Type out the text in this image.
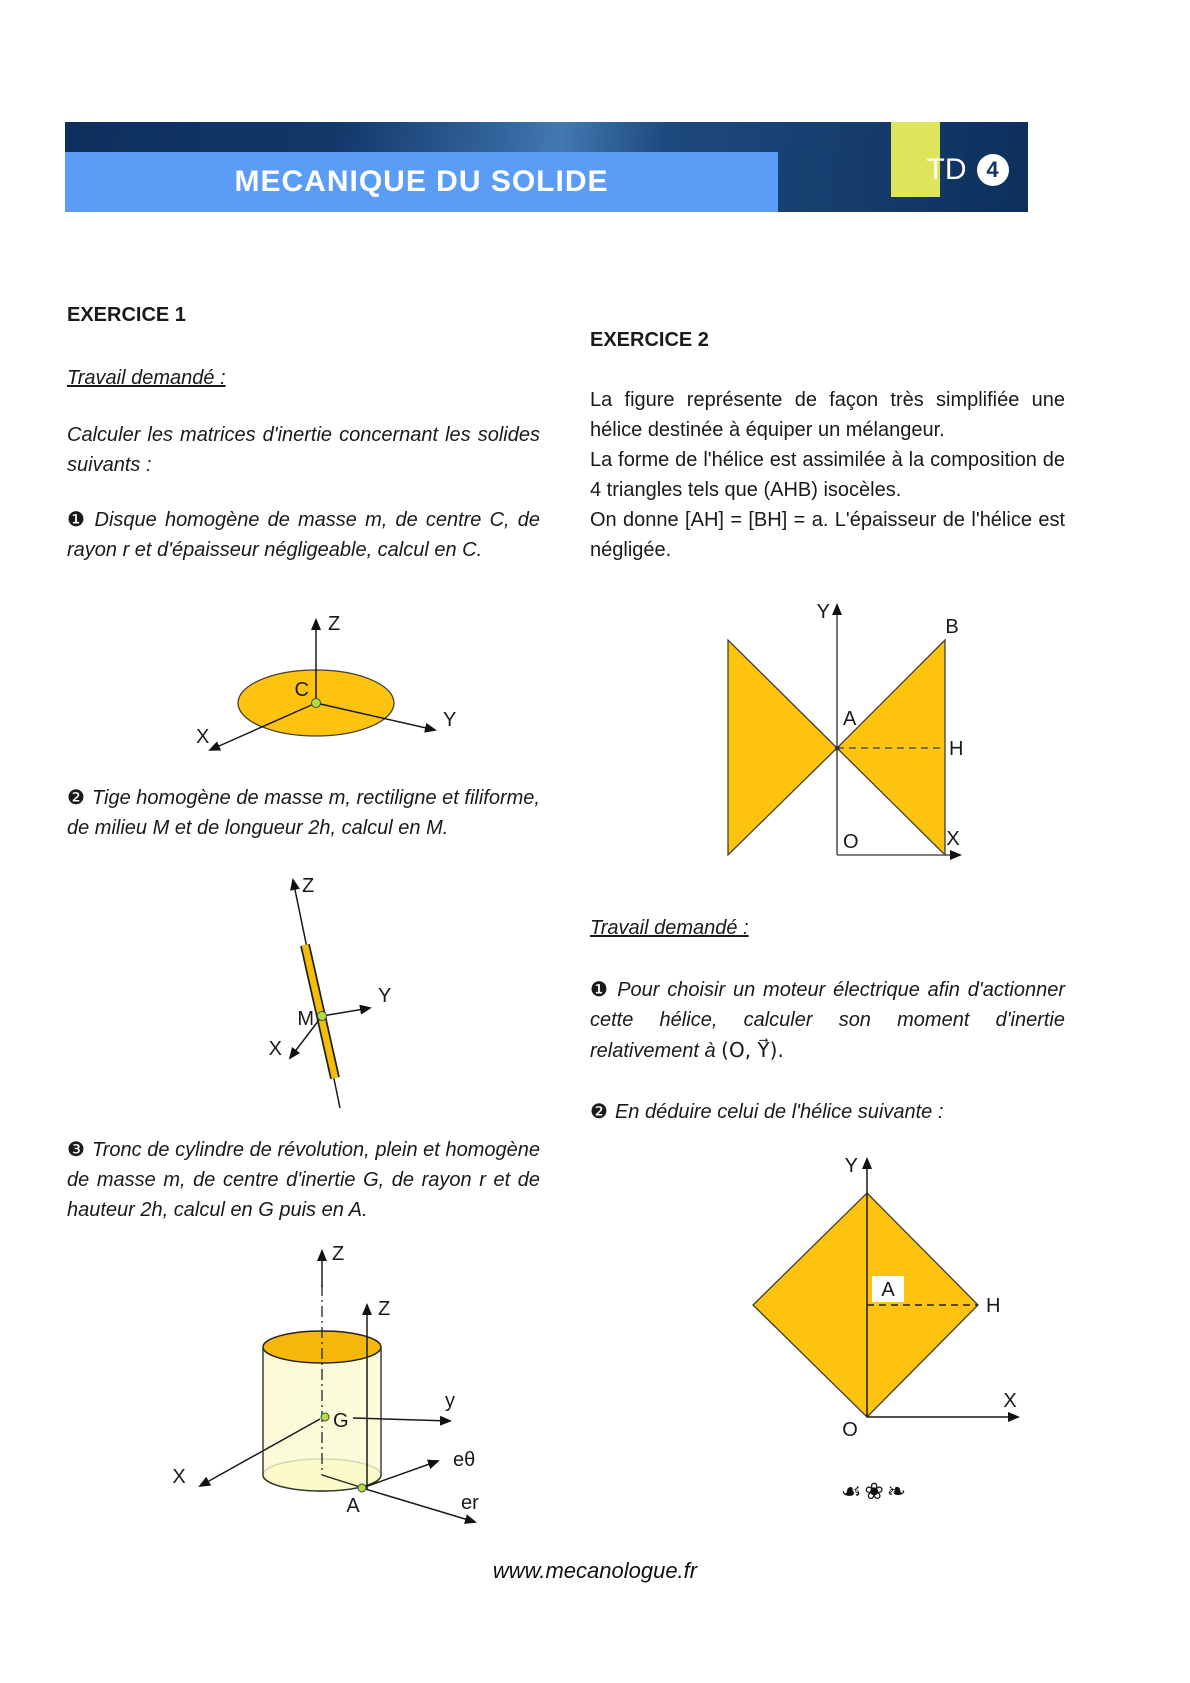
MECANIQUE DU SOLIDE	TD 4
EXERCICE 1
Travail demandé :
Calculer les matrices d'inertie concernant les solides suivants :

❶ Disque homogène de masse m, de centre C, de rayon r et d'épaisseur négligeable, calcul en C.

Z
Y
X
C

❷ Tige homogène de masse m, rectiligne et filiforme, de milieu M et de longueur 2h, calcul en M.

Z
Y
X
M

❸ Tronc de cylindre de révolution, plein et homogène de masse m, de centre d'inertie G, de rayon r et de hauteur 2h, calcul en G puis en A.

Z
Z
y
X
G
A
eθ
er
EXERCICE 2

La figure représente de façon très simplifiée une hélice destinée à équiper un mélangeur.

La forme de l'hélice est assimilée à la composition de 4 triangles tels que (AHB) isocèles.

On donne [AH] = [BH] = a. L'épaisseur de l'hélice est négligée.

Y
X
O
A
B
H
Travail demandé :

❶ Pour choisir un moteur électrique afin d'actionner cette hélice, calculer son moment d'inertie relativement à (O, Y⃗).

❷ En déduire celui de l'hélice suivante :

A
Y
X
O
H
☙❀❧
www.mecanologue.fr
